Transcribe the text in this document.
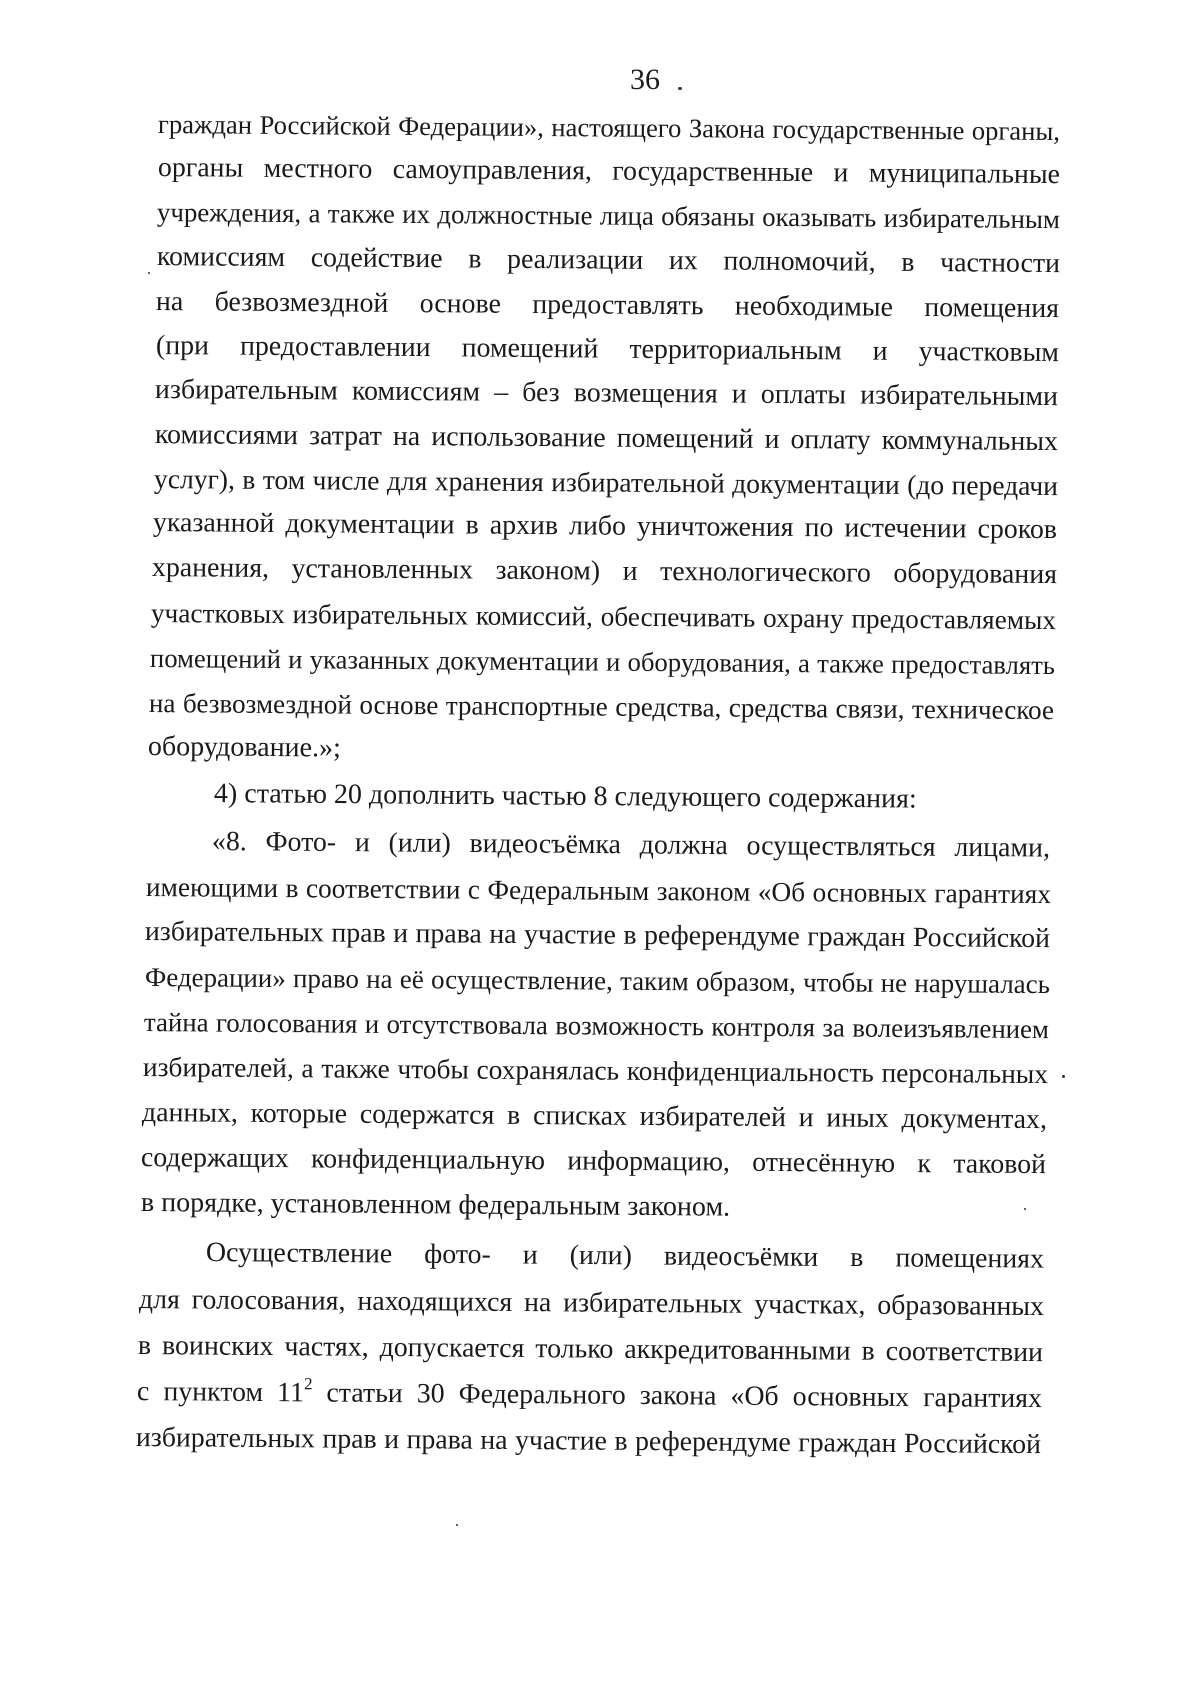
36
граждан Российской Федерации», настоящего Закона государственные органы,
органы местного самоуправления, государственные и муниципальные
учреждения, а также их должностные лица обязаны оказывать избирательным
комиссиям содействие в реализации их полномочий, в частности
на безвозмездной основе предоставлять необходимые помещения
(при предоставлении помещений территориальным и участковым
избирательным комиссиям – без возмещения и оплаты избирательными
комиссиями затрат на использование помещений и оплату коммунальных
услуг), в том числе для хранения избирательной документации (до передачи
указанной документации в архив либо уничтожения по истечении сроков
хранения, установленных законом) и технологического оборудования
участковых избирательных комиссий, обеспечивать охрану предоставляемых
помещений и указанных документации и оборудования, а также предоставлять
на безвозмездной основе транспортные средства, средства связи, техническое
оборудование.»;
4) статью 20 дополнить частью 8 следующего содержания:
«8. Фото- и (или) видеосъёмка должна осуществляться лицами,
имеющими в соответствии с Федеральным законом «Об основных гарантиях
избирательных прав и права на участие в референдуме граждан Российской
Федерации» право на её осуществление, таким образом, чтобы не нарушалась
тайна голосования и отсутствовала возможность контроля за волеизъявлением
избирателей, а также чтобы сохранялась конфиденциальность персональных
данных, которые содержатся в списках избирателей и иных документах,
содержащих конфиденциальную информацию, отнесённую к таковой
в порядке, установленном федеральным законом.
Осуществление фото- и (или) видеосъёмки в помещениях
для голосования, находящихся на избирательных участках, образованных
в воинских частях, допускается только аккредитованными в соответствии
с пунктом $11^2$ статьи 30 Федерального закона «Об основных гарантиях
избирательных прав и права на участие в референдуме граждан Российской
